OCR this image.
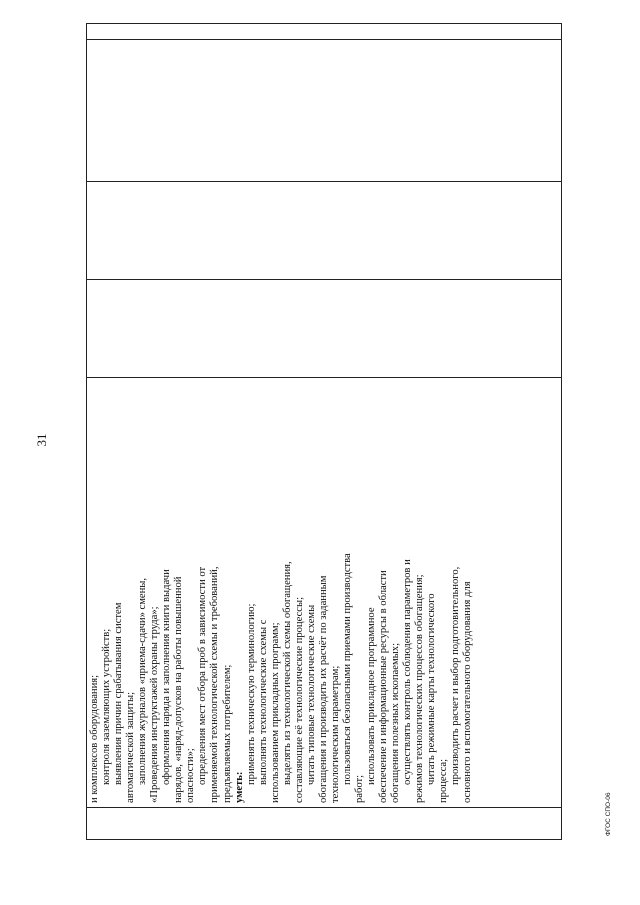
31

и комплексов оборудования; контроля заземляющих устройств; выявления причин срабатывания систем автоматической защиты; заполнения журналов «приема-сдачи» смены, «Проведения инструктажей охраны труда»; оформления наряда и заполнения книги выдачи нарядов, «наряд-допусков на работы повышенной опасности»; определения мест отбора проб в зависимости от применяемой технологической схемы и требований, предъявляемых потребителем; уметь:
применять техническую терминологию; выполнять технологические схемы с использованием прикладных программ; выделять из технологической схемы обогащения, составляющие её технологические процессы; читать типовые технологические схемы обогащения и производить их расчёт по заданным технологическим параметрам; пользоваться безопасными приемами производства
работ;
использовать прикладное программное обеспечение и информационные ресурсы в области обогащения полезных ископаемых; осуществлять контроль соблюдения параметров и режимов технологических процессов обогащения; читать режимные карты технологического процесса; производить расчет и выбор подготовительного, основного и вспомогательного оборудования для

ФГОС СПО-06
